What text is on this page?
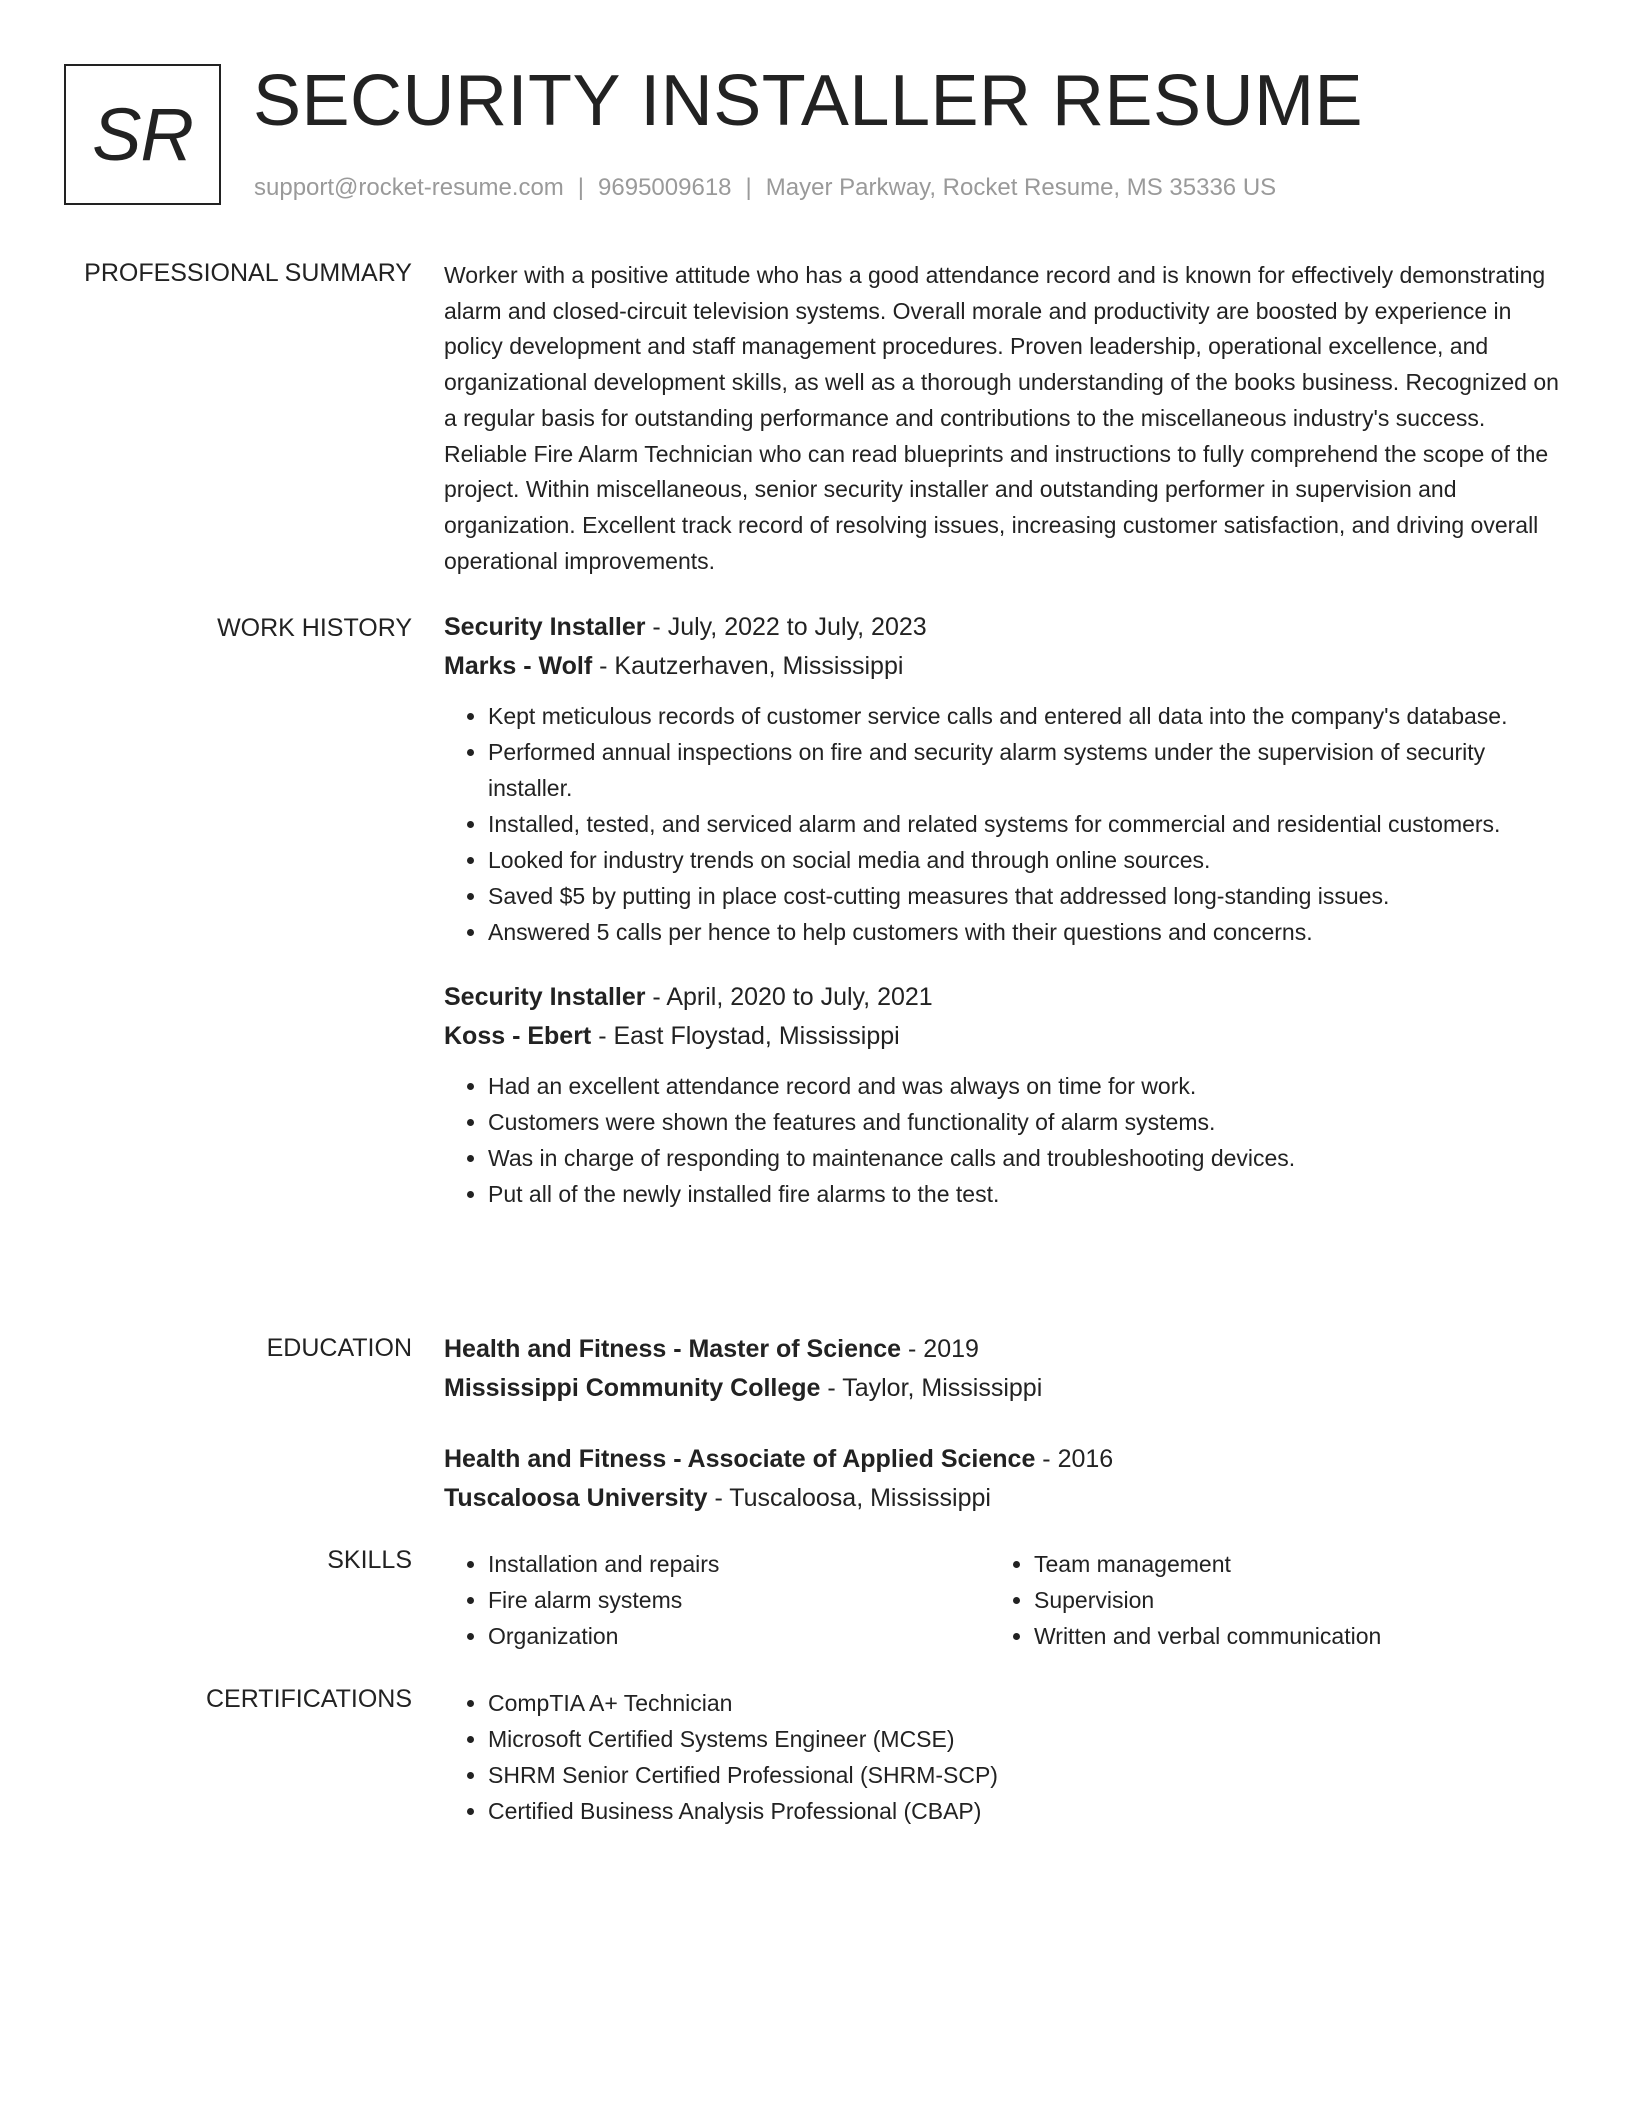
SR SECURITY INSTALLER RESUME
support@rocket-resume.com | 9695009618 | Mayer Parkway, Rocket Resume, MS 35336 US
PROFESSIONAL SUMMARY Worker with a positive attitude who has a good attendance record and is known for effectively demonstrating alarm and closed-circuit television systems. Overall morale and productivity are boosted by experience in policy development and staff management procedures. Proven leadership, operational excellence, and organizational development skills, as well as a thorough understanding of the books business. Recognized on a regular basis for outstanding performance and contributions to the miscellaneous industry's success. Reliable Fire Alarm Technician who can read blueprints and instructions to fully comprehend the scope of the project. Within miscellaneous, senior security installer and outstanding performer in supervision and organization. Excellent track record of resolving issues, increasing customer satisfaction, and driving overall operational improvements.

WORK HISTORY Security Installer - July, 2022 to July, 2023
Marks - Wolf - Kautzerhaven, Mississippi
• Kept meticulous records of customer service calls and entered all data into the company's database.
• Performed annual inspections on fire and security alarm systems under the supervision of security installer.
• Installed, tested, and serviced alarm and related systems for commercial and residential customers.
• Looked for industry trends on social media and through online sources.
• Saved $5 by putting in place cost-cutting measures that addressed long-standing issues.
• Answered 5 calls per hence to help customers with their questions and concerns.
Security Installer - April, 2020 to July, 2021
Koss - Ebert - East Floystad, Mississippi
• Had an excellent attendance record and was always on time for work.
• Customers were shown the features and functionality of alarm systems.
• Was in charge of responding to maintenance calls and troubleshooting devices.
• Put all of the newly installed fire alarms to the test.
EDUCATION Health and Fitness - Master of Science - 2019
Mississippi Community College - Taylor, Mississippi
Health and Fitness - Associate of Applied Science - 2016
Tuscaloosa University - Tuscaloosa, Mississippi
SKILLS	• Installation and repairs
• Fire alarm systems
• Organization
• Team management
• Supervision
• Written and verbal communication
CERTIFICATIONS	• CompTIA A+ Technician
• Microsoft Certified Systems Engineer (MCSE)
• SHRM Senior Certified Professional (SHRM-SCP)
• Certified Business Analysis Professional (CBAP)
